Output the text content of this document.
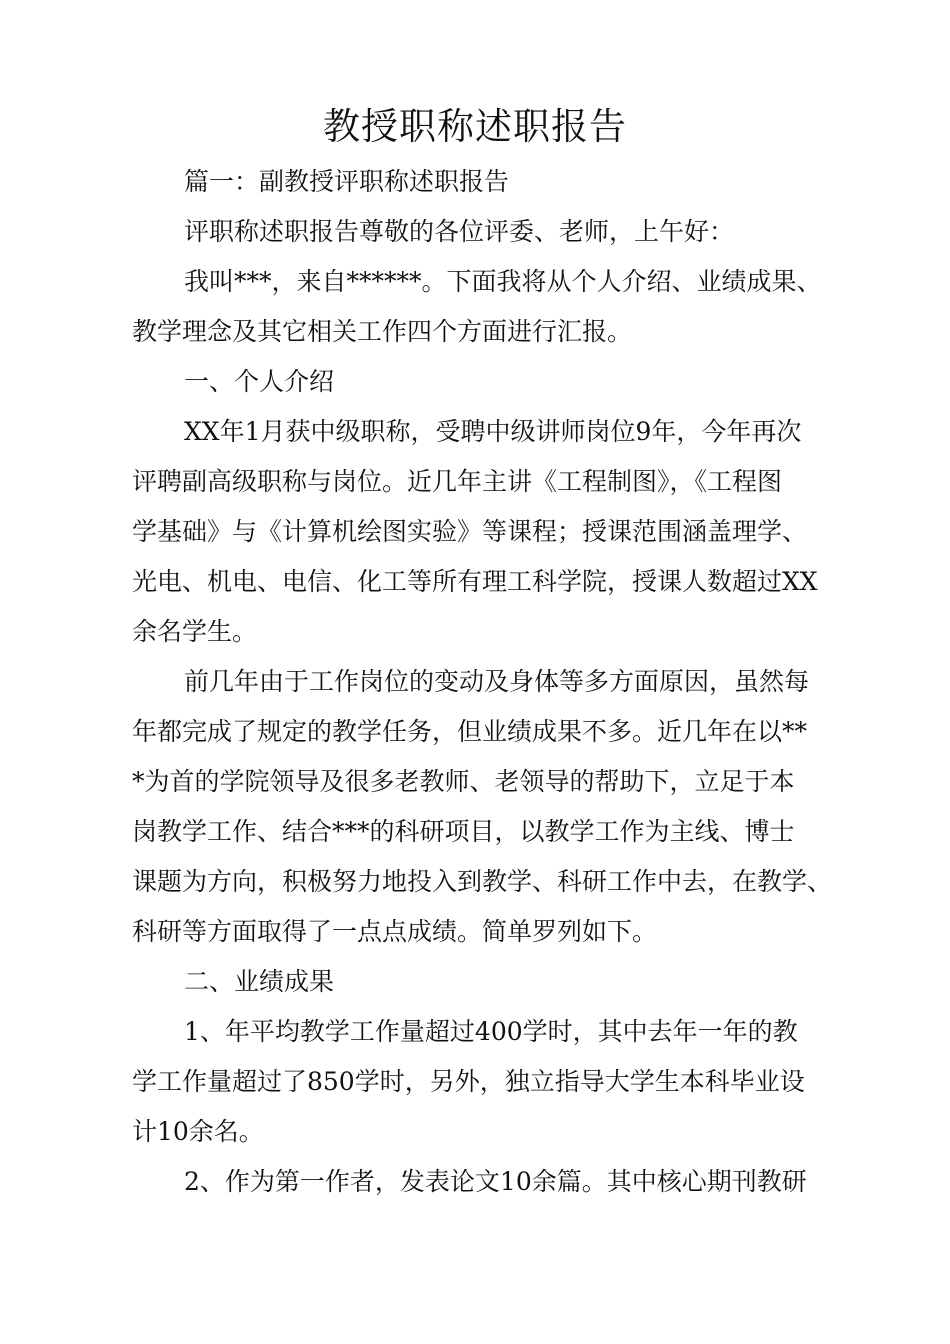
教授职称述职报告

篇一：副教授评职称述职报告

评职称述职报告尊敬的各位评委、老师，上午好：

我叫***，来自******。下面我将从个人介绍、业绩成果、

教学理念及其它相关工作四个方面进行汇报。

一、个人介绍

XX年1月获中级职称，受聘中级讲师岗位9年，今年再次

评聘副高级职称与岗位。近几年主讲《工程制图》，《工程图

学基础》与《计算机绘图实验》等课程；授课范围涵盖理学、

光电、机电、电信、化工等所有理工科学院，授课人数超过XX

余名学生。

前几年由于工作岗位的变动及身体等多方面原因，虽然每

年都完成了规定的教学任务，但业绩成果不多。近几年在以**

*为首的学院领导及很多老教师、老领导的帮助下，立足于本

岗教学工作、结合***的科研项目，以教学工作为主线、博士

课题为方向，积极努力地投入到教学、科研工作中去，在教学、

科研等方面取得了一点点成绩。简单罗列如下。

二、业绩成果

1、年平均教学工作量超过400学时，其中去年一年的教

学工作量超过了850学时，另外，独立指导大学生本科毕业设

计10余名。

2、作为第一作者，发表论文10余篇。其中核心期刊教研
